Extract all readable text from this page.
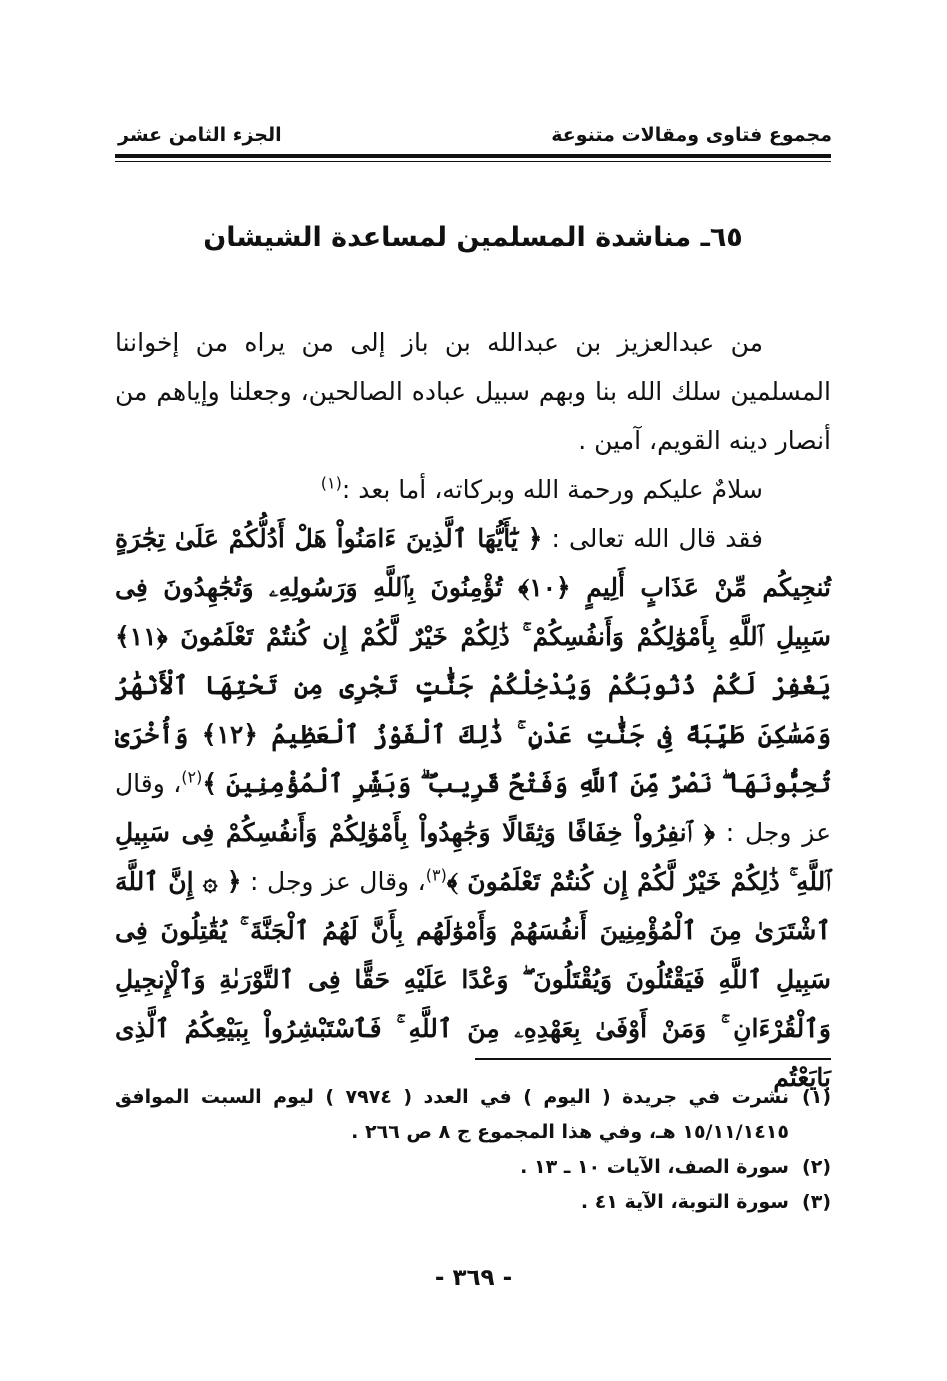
مجموع فتاوى ومقالات متنوعة
الجزء الثامن عشر
٦٥ـ مناشدة المسلمين لمساعدة الشيشان

من عبدالعزيز بن عبدالله بن باز إلى من يراه من إخواننا المسلمين سلك الله بنا وبهم سبيل عباده الصالحين، وجعلنا وإياهم من أنصار دينه القويم، آمين .

سلامٌ عليكم ورحمة الله وبركاته، أما بعد :$^{(١)}$

فقد قال الله تعالى : ﴿ يَٰٓأَيُّهَا ٱلَّذِينَ ءَامَنُواْ هَلْ أَدُلُّكُمْ عَلَىٰ تِجَٰرَةٍ تُنجِيكُم مِّنْ عَذَابٍ أَلِيمٍ ﴿١٠﴾ تُؤْمِنُونَ بِٱللَّهِ وَرَسُولِهِۦ وَتُجَٰهِدُونَ فِى سَبِيلِ ٱللَّهِ بِأَمْوَٰلِكُمْ وَأَنفُسِكُمْ ۚ ذَٰلِكُمْ خَيْرٌ لَّكُمْ إِن كُنتُمْ تَعْلَمُونَ ﴿١١﴾ يَغْفِرْ لَكُمْ ذُنُوبَكُمْ وَيُدْخِلْكُمْ جَنَّٰتٍ تَجْرِى مِن تَحْتِهَا ٱلْأَنْهَٰرُ وَمَسَٰكِنَ طَيِّبَةً فِى جَنَّٰتِ عَدْنٍ ۚ ذَٰلِكَ ٱلْفَوْزُ ٱلْعَظِيمُ ﴿١٢﴾ وَأُخْرَىٰ تُحِبُّونَهَا ۖ نَصْرٌ مِّنَ ٱللَّهِ وَفَتْحٌ قَرِيبٌ ۗ وَبَشِّرِ ٱلْمُؤْمِنِينَ ﴾$^{(٢)}$، وقال عز وجل : ﴿ ٱنفِرُواْ خِفَافًا وَثِقَالًا وَجَٰهِدُواْ بِأَمْوَٰلِكُمْ وَأَنفُسِكُمْ فِى سَبِيلِ ٱللَّهِ ۚ ذَٰلِكُمْ خَيْرٌ لَّكُمْ إِن كُنتُمْ تَعْلَمُونَ ﴾$^{(٣)}$، وقال عز وجل : ﴿ ۞ إِنَّ ٱللَّهَ ٱشْتَرَىٰ مِنَ ٱلْمُؤْمِنِينَ أَنفُسَهُمْ وَأَمْوَٰلَهُم بِأَنَّ لَهُمُ ٱلْجَنَّةَ ۚ يُقَٰتِلُونَ فِى سَبِيلِ ٱللَّهِ فَيَقْتُلُونَ وَيُقْتَلُونَ ۖ وَعْدًا عَلَيْهِ حَقًّا فِى ٱلتَّوْرَىٰةِ وَٱلْإِنجِيلِ وَٱلْقُرْءَانِ ۚ وَمَنْ أَوْفَىٰ بِعَهْدِهِۦ مِنَ ٱللَّهِ ۚ فَٱسْتَبْشِرُواْ بِبَيْعِكُمُ ٱلَّذِى بَايَعْتُم

(١)
نشرت في جريدة ( اليوم ) في العدد ( ٧٩٧٤ ) ليوم السبت الموافق ١٥/١١/١٤١٥ هـ، وفي هذا المجموع ج ٨ ص ٢٦٦ .
(٢)
سورة الصف، الآيات ١٠ ـ ١٣ .
(٣)
سورة التوبة، الآية ٤١ .
- ٣٦٩ -
